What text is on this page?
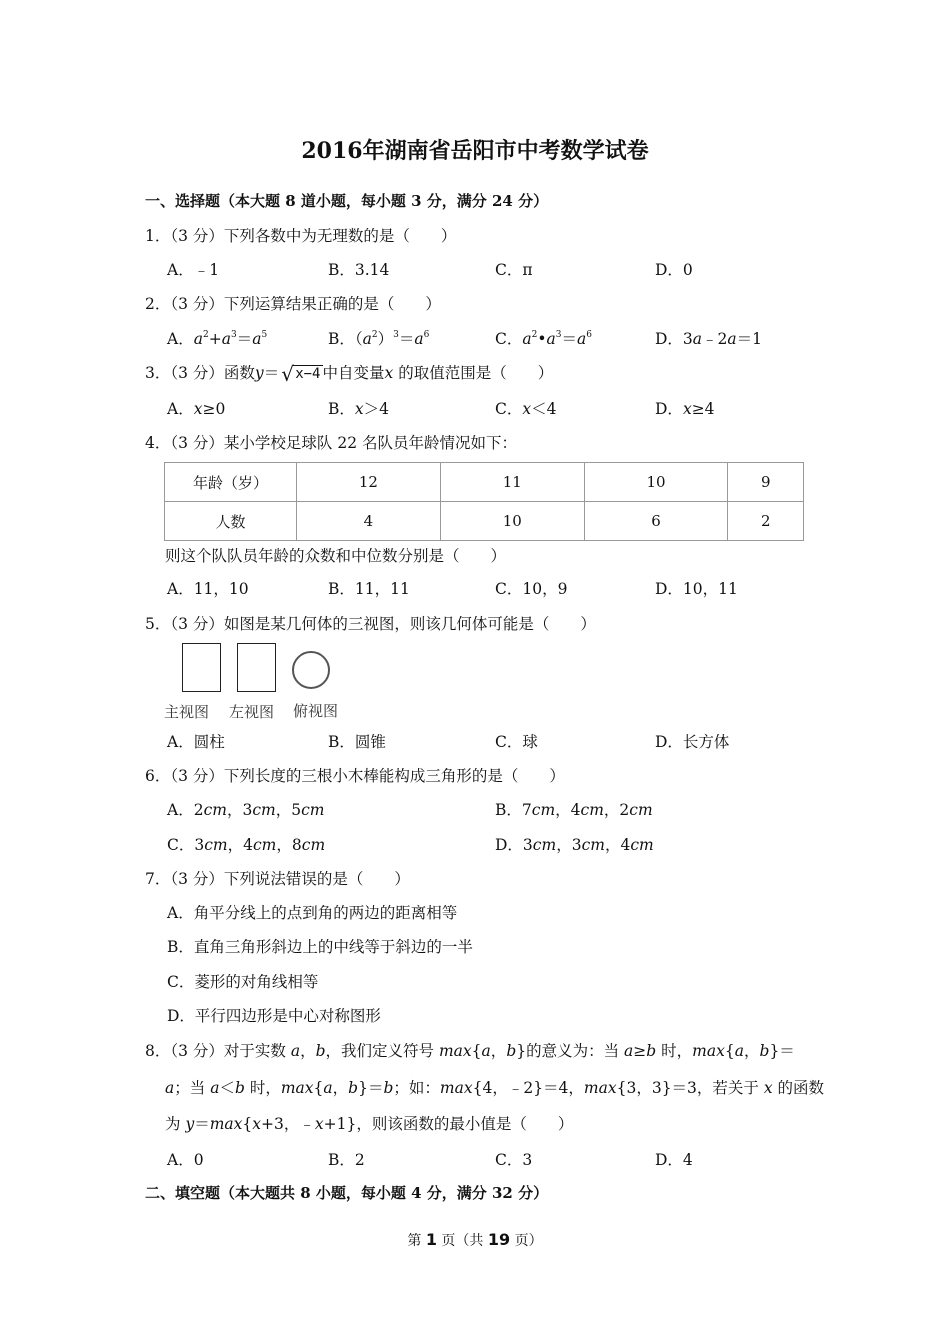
2016年湖南省岳阳市中考数学试卷
一、选择题（本大题 8 道小题，每小题 3 分，满分 24 分）
1．（3 分）下列各数中为无理数的是（　　）
A．﹣1	B．3.14	C．π	D．0
2．（3 分）下列运算结果正确的是（　　）
A．$a^2+a^3=a^5$	B．$(a^2)^3=a^6$	C．$a^2•a^3=a^6$	D．3a﹣2a＝1
3．（3 分）函数y＝ √ x−4 中自变量x 的取值范围是（　　）
A．x≥0	B．x＞4	C．x＜4	D．x≥4
4．（3 分）某小学校足球队 22 名队员年龄情况如下：
年龄（岁）	12	11	10	9
人数	4	10	6	2
则这个队队员年龄的众数和中位数分别是（　　）
A．11，10	B．11，11	C．10，9	D．10，11
5．（3 分）如图是某几何体的三视图，则该几何体可能是（　　）
主视图 左视图 俯视图
A．圆柱	B．圆锥	C．球	D．长方体
6．（3 分）下列长度的三根小木棒能构成三角形的是（　　）
A．2cm，3cm，5cm	B．7cm，4cm，2cm
C．3cm，4cm，8cm	D．3cm，3cm，4cm
7．（3 分）下列说法错误的是（　　）
A．角平分线上的点到角的两边的距离相等
B．直角三角形斜边上的中线等于斜边的一半
C．菱形的对角线相等
D．平行四边形是中心对称图形
8．（3 分）对于实数 a，b，我们定义符号 max{a，b}的意义为：当 a≥b 时，max{a，b}＝
a；当 a＜b 时，max{a，b}＝b；如：max{4，﹣2}＝4，max{3，3}＝3，若关于 x 的函数
为 y＝max{x+3，﹣x+1}，则该函数的最小值是（　　）
A．0	B．2	C．3	D．4
二、填空题（本大题共 8 小题，每小题 4 分，满分 32 分）
第 1 页（共 19 页）
